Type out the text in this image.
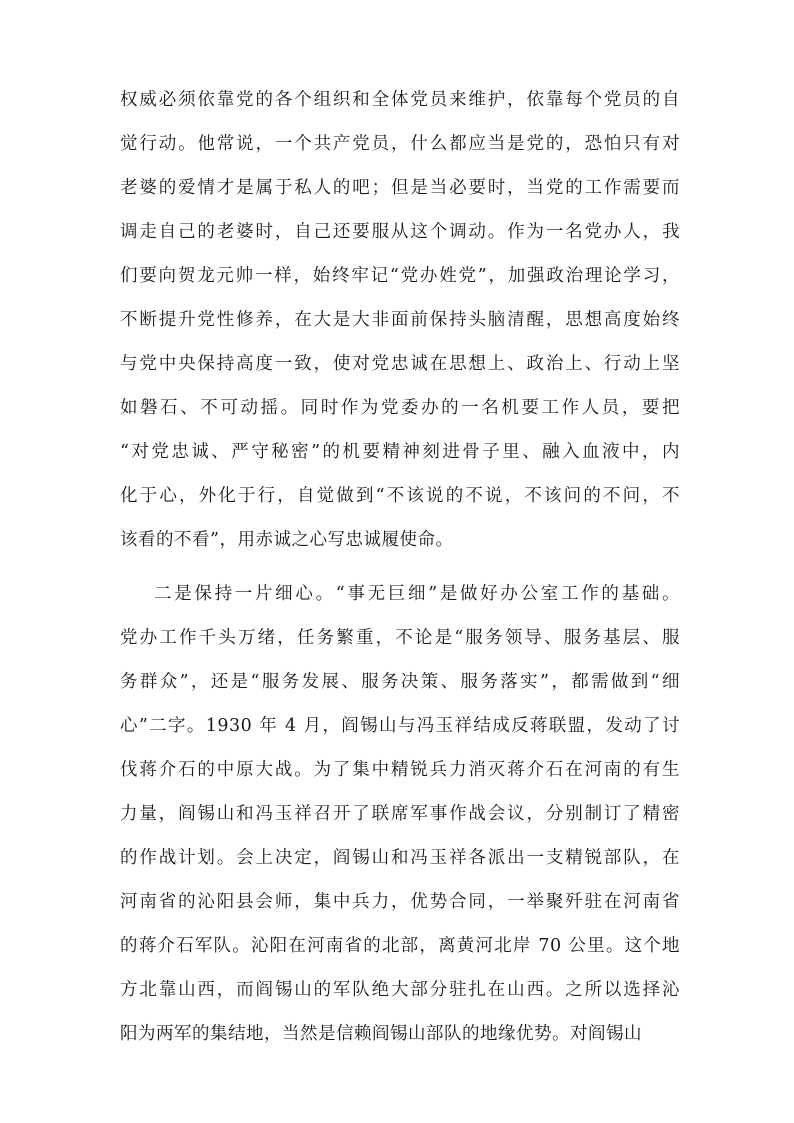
权威必须依靠党的各个组织和全体党员来维护，依靠每个党员的自
觉行动。他常说，一个共产党员，什么都应当是党的，恐怕只有对
老婆的爱情才是属于私人的吧；但是当必要时，当党的工作需要而
调走自己的老婆时，自己还要服从这个调动。作为一名党办人，我
们要向贺龙元帅一样，始终牢记“党办姓党”，加强政治理论学习，
不断提升党性修养，在大是大非面前保持头脑清醒，思想高度始终
与党中央保持高度一致，使对党忠诚在思想上、政治上、行动上坚
如磐石、不可动摇。同时作为党委办的一名机要工作人员，要把
“对党忠诚、严守秘密”的机要精神刻进骨子里、融入血液中，内
化于心，外化于行，自觉做到“不该说的不说，不该问的不问，不
该看的不看”，用赤诚之心写忠诚履使命。
二是保持一片细心。“事无巨细”是做好办公室工作的基础。
党办工作千头万绪，任务繁重，不论是“服务领导、服务基层、服
务群众”，还是“服务发展、服务决策、服务落实”，都需做到“细
心”二字。1930 年 4 月，阎锡山与冯玉祥结成反蒋联盟，发动了讨
伐蒋介石的中原大战。为了集中精锐兵力消灭蒋介石在河南的有生
力量，阎锡山和冯玉祥召开了联席军事作战会议，分别制订了精密
的作战计划。会上决定，阎锡山和冯玉祥各派出一支精锐部队，在
河南省的沁阳县会师，集中兵力，优势合同，一举聚歼驻在河南省
的蒋介石军队。沁阳在河南省的北部，离黄河北岸 70 公里。这个地
方北靠山西，而阎锡山的军队绝大部分驻扎在山西。之所以选择沁
阳为两军的集结地，当然是信赖阎锡山部队的地缘优势。对阎锡山
